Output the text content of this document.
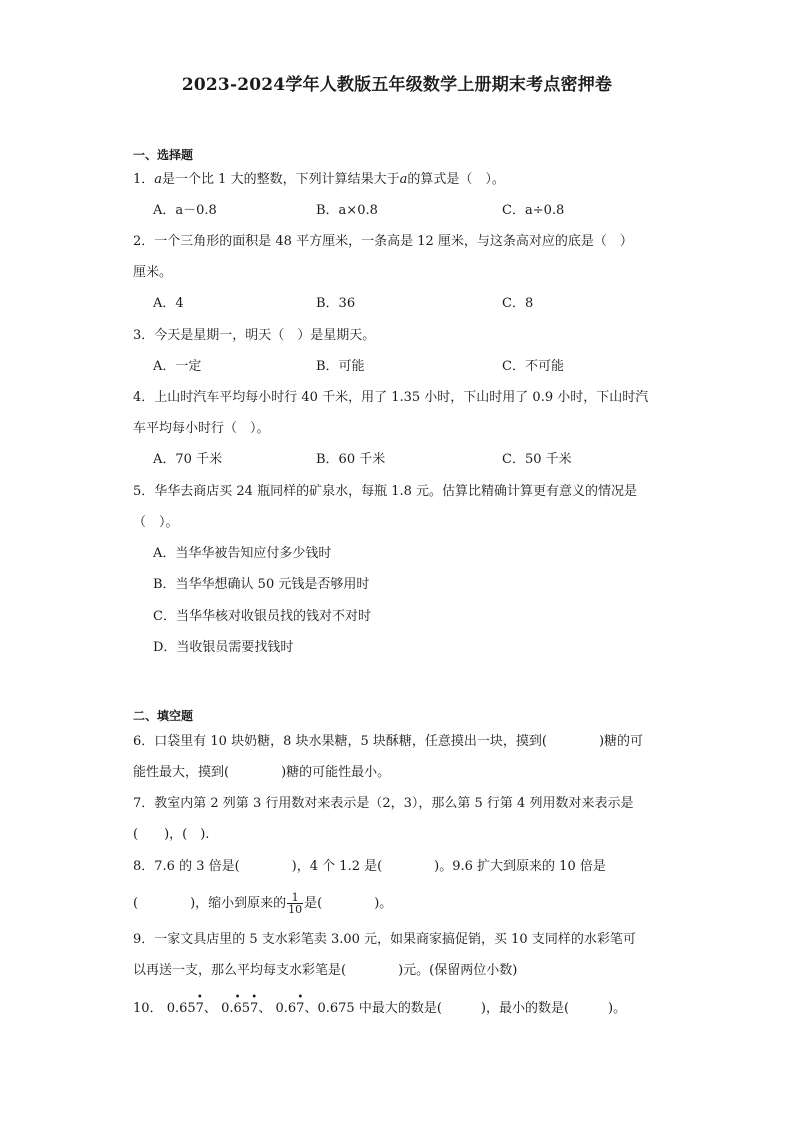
2023-2024学年人教版五年级数学上册期末考点密押卷
一、选择题
1．a是一个比 1 大的整数，下列计算结果大于a的算式是（　）。
A．a－0.8	B．a×0.8	C．a÷0.8
2．一个三角形的面积是 48 平方厘米，一条高是 12 厘米，与这条高对应的底是（　）
厘米。
A．4	B．36	C．8
3．今天是星期一，明天（　）是星期天。
A．一定	B．可能	C．不可能
4．上山时汽车平均每小时行 40 千米，用了 1.35 小时，下山时用了 0.9 小时，下山时汽
车平均每小时行（　）。
A．70 千米	B．60 千米	C．50 千米
5．华华去商店买 24 瓶同样的矿泉水，每瓶 1.8 元。估算比精确计算更有意义的情况是
（　）。
A．当华华被告知应付多少钱时
B．当华华想确认 50 元钱是否够用时
C．当华华核对收银员找的钱对不对时
D．当收银员需要找钱时
二、填空题
6．口袋里有 10 块奶糖，8 块水果糖，5 块酥糖，任意摸出一块，摸到(　　　　)糖的可
能性最大，摸到(　　　　)糖的可能性最小。
7．教室内第 2 列第 3 行用数对来表示是（2，3），那么第 5 行第 4 列用数对来表示是
(　　)，(　).
8．7.6 的 3 倍是(　　　　)，4 个 1.2 是(　　　　)。9.6 扩大到原来的 10 倍是
(　　　　)，缩小到原来的 $\frac{1}{10}$ 是(　　　　)。
9．一家文具店里的 5 支水彩笔卖 3.00 元，如果商家搞促销，买 10 支同样的水彩笔可
以再送一支，那么平均每支水彩笔是(　　　　)元。(保留两位小数)
10． 0.65
•
7、 0.
•
65
•
7、 0.6
•
7、0.675 中最大的数是(　　　)，最小的数是(　　　)。
